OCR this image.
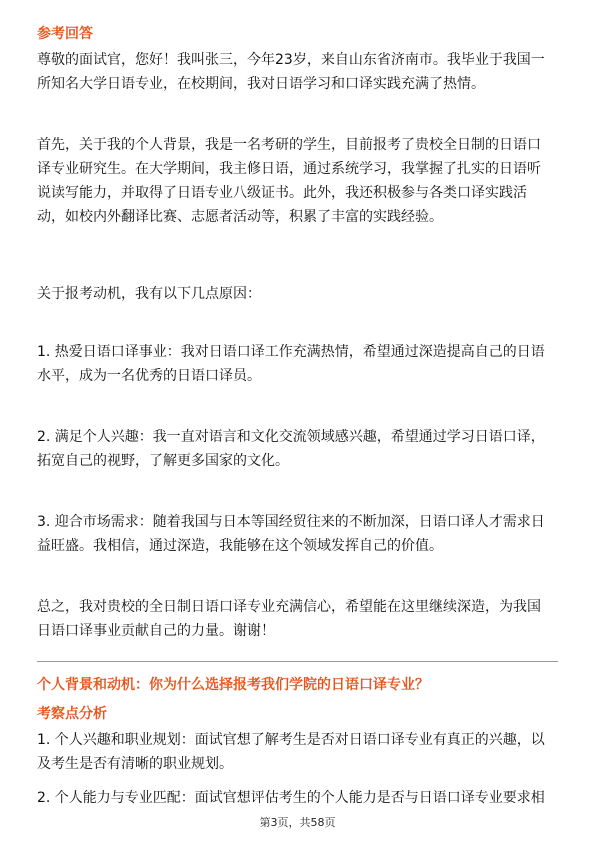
参考回答
尊敬的面试官，您好！我叫张三，今年23岁，来自山东省济南市。我毕业于我国一
所知名大学日语专业，在校期间，我对日语学习和口译实践充满了热情。
首先，关于我的个人背景，我是一名考研的学生，目前报考了贵校全日制的日语口
译专业研究生。在大学期间，我主修日语，通过系统学习，我掌握了扎实的日语听
说读写能力，并取得了日语专业八级证书。此外，我还积极参与各类口译实践活
动，如校内外翻译比赛、志愿者活动等，积累了丰富的实践经验。
关于报考动机，我有以下几点原因：
1. 热爱日语口译事业：我对日语口译工作充满热情，希望通过深造提高自己的日语
水平，成为一名优秀的日语口译员。
2. 满足个人兴趣：我一直对语言和文化交流领域感兴趣，希望通过学习日语口译，
拓宽自己的视野，了解更多国家的文化。
3. 迎合市场需求：随着我国与日本等国经贸往来的不断加深，日语口译人才需求日
益旺盛。我相信，通过深造，我能够在这个领域发挥自己的价值。
总之，我对贵校的全日制日语口译专业充满信心，希望能在这里继续深造，为我国
日语口译事业贡献自己的力量。谢谢！
个人背景和动机：你为什么选择报考我们学院的日语口译专业？
考察点分析
1. 个人兴趣和职业规划：面试官想了解考生是否对日语口译专业有真正的兴趣，以
及考生是否有清晰的职业规划。
2. 个人能力与专业匹配：面试官想评估考生的个人能力是否与日语口译专业要求相
第3页，共58页
